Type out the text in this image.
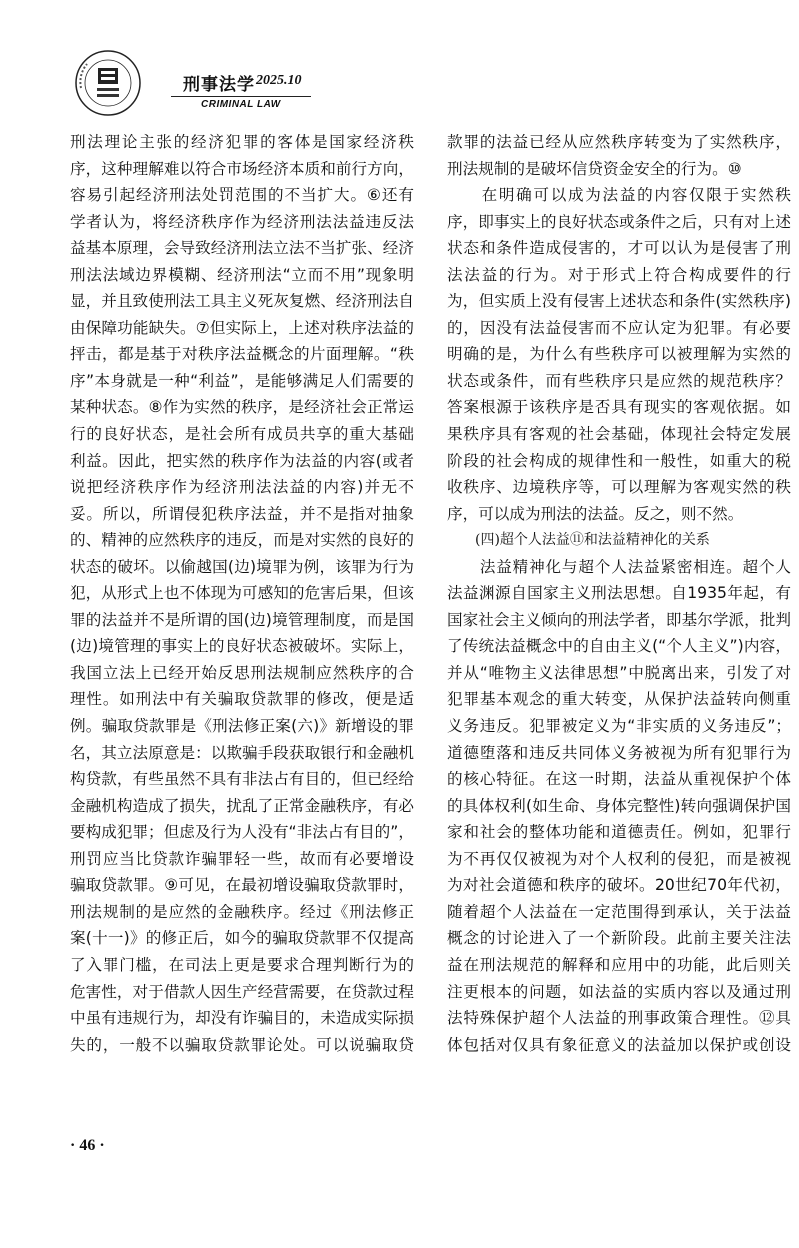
刑事法学 2025.10
CRIMINAL LAW
刑法理论主张的经济犯罪的客体是国家经济秩
序，这种理解难以符合市场经济本质和前行方向，
容易引起经济刑法处罚范围的不当扩大。⑥还有
学者认为，将经济秩序作为经济刑法法益违反法
益基本原理，会导致经济刑法立法不当扩张、经济
刑法法域边界模糊、经济刑法“立而不用”现象明
显，并且致使刑法工具主义死灰复燃、经济刑法自
由保障功能缺失。⑦但实际上，上述对秩序法益的
抨击，都是基于对秩序法益概念的片面理解。“秩
序”本身就是一种“利益”，是能够满足人们需要的
某种状态。⑧作为实然的秩序，是经济社会正常运
行的良好状态，是社会所有成员共享的重大基础
利益。因此，把实然的秩序作为法益的内容(或者
说把经济秩序作为经济刑法法益的内容)并无不
妥。所以，所谓侵犯秩序法益，并不是指对抽象
的、精神的应然秩序的违反，而是对实然的良好的
状态的破坏。以偷越国(边)境罪为例，该罪为行为
犯，从形式上也不体现为可感知的危害后果，但该
罪的法益并不是所谓的国(边)境管理制度，而是国
(边)境管理的事实上的良好状态被破坏。实际上，
我国立法上已经开始反思刑法规制应然秩序的合
理性。如刑法中有关骗取贷款罪的修改，便是适
例。骗取贷款罪是《刑法修正案(六)》新增设的罪
名，其立法原意是：以欺骗手段获取银行和金融机
构贷款，有些虽然不具有非法占有目的，但已经给
金融机构造成了损失，扰乱了正常金融秩序，有必
要构成犯罪；但虑及行为人没有“非法占有目的”，
刑罚应当比贷款诈骗罪轻一些，故而有必要增设
骗取贷款罪。⑨可见，在最初增设骗取贷款罪时，
刑法规制的是应然的金融秩序。经过《刑法修正
案(十一)》的修正后，如今的骗取贷款罪不仅提高
了入罪门槛，在司法上更是要求合理判断行为的
危害性，对于借款人因生产经营需要，在贷款过程
中虽有违规行为，却没有诈骗目的，未造成实际损
失的，一般不以骗取贷款罪论处。可以说骗取贷
款罪的法益已经从应然秩序转变为了实然秩序，
刑法规制的是破坏信贷资金安全的行为。⑩
　　在明确可以成为法益的内容仅限于实然秩
序，即事实上的良好状态或条件之后，只有对上述
状态和条件造成侵害的，才可以认为是侵害了刑
法法益的行为。对于形式上符合构成要件的行
为，但实质上没有侵害上述状态和条件(实然秩序)
的，因没有法益侵害而不应认定为犯罪。有必要
明确的是，为什么有些秩序可以被理解为实然的
状态或条件，而有些秩序只是应然的规范秩序？
答案根源于该秩序是否具有现实的客观依据。如
果秩序具有客观的社会基础，体现社会特定发展
阶段的社会构成的规律性和一般性，如重大的税
收秩序、边境秩序等，可以理解为客观实然的秩
序，可以成为刑法的法益。反之，则不然。
(四)超个人法益⑪和法益精神化的关系
　　法益精神化与超个人法益紧密相连。超个人
法益渊源自国家主义刑法思想。自1935年起，有
国家社会主义倾向的刑法学者，即基尔学派，批判
了传统法益概念中的自由主义(“个人主义”)内容，
并从“唯物主义法律思想”中脱离出来，引发了对
犯罪基本观念的重大转变，从保护法益转向侧重
义务违反。犯罪被定义为“非实质的义务违反”；
道德堕落和违反共同体义务被视为所有犯罪行为
的核心特征。在这一时期，法益从重视保护个体
的具体权利(如生命、身体完整性)转向强调保护国
家和社会的整体功能和道德责任。例如，犯罪行
为不再仅仅被视为对个人权利的侵犯，而是被视
为对社会道德和秩序的破坏。20世纪70年代初，
随着超个人法益在一定范围得到承认，关于法益
概念的讨论进入了一个新阶段。此前主要关注法
益在刑法规范的解释和应用中的功能，此后则关
注更根本的问题，如法益的实质内容以及通过刑
法特殊保护超个人法益的刑事政策合理性。⑫具
体包括对仅具有象征意义的法益加以保护或创设
· 46 ·
